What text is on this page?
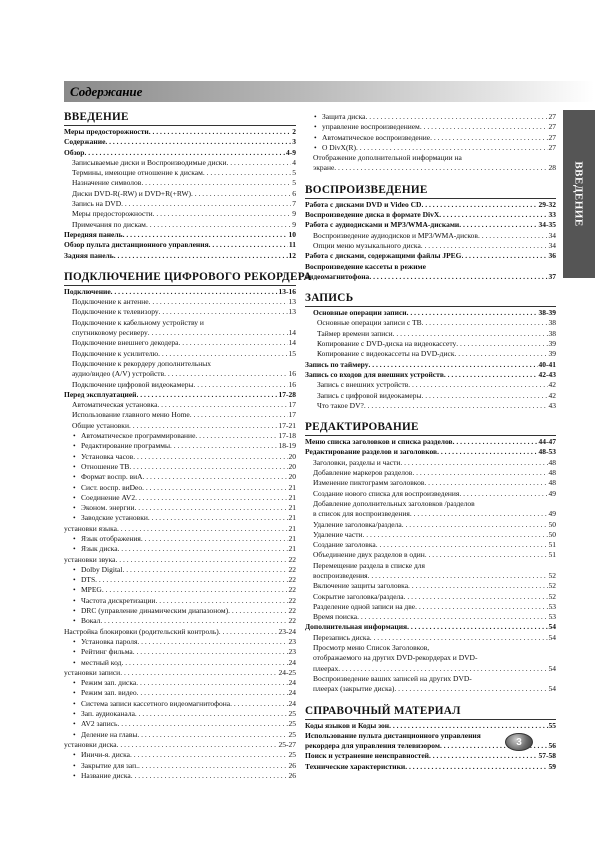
Содержание
ВВЕДЕНИЕ
ВВЕДЕНИЕ
Меры предосторожности . . .	2
Содержание . . .	3
Обзор . . .	4-9
Записываемые диски и Воспроизводимые диски . . .	4
Термины, имеющие отношение к дискам . . .	5
Назначение символов . . .	5
Диски DVD-R(-RW) и DVD+R(+RW) . . .	6
Запись на DVD . . .	7
Меры предосторожности . . .	9
Примечания по дискам . . .	9
Передняя панель . . .	10
Обзор пульта дистанционного управления . . .	11
Задняя панель . . .	12
ПОДКЛЮЧЕНИЕ ЦИФРОВОГО РЕКОРДЕРА
Подключение . . .	13-16
Подключение к антенне . . .	13
Подключение к телевизору . . .	13
Подключение к кабельному устройству и
спутниковому ресиверу . . .	14
Подключение внешнего декодера . . .	14
Подключение к усилителю . . .	15
Подключение к рекордеру дополнительных
аудио/видео (A/V) устройств . . .	16
Подключение цифровой видеокамеры . . .	16
Перед эксплуатацией . . .	17-28
Автоматическая установка . . .	17
Использование главного меню Home . . .	17
Общие установки . . .	17-21
• Автоматическое программирование . . .	17-18
• Редактирование программы . . .	18-19
• Установка часов . . .	20
• Отношение ТВ . . .	20
• Формат воспр. виА . . .	20
• Сист. воспр. виDeo . . .	21
• Соединение AV2 . . .	21
• Эконом. энергии . . .	21
• Заводские установки . . .	21
установки языка . . .	21
• Язык отображения . . .	21
• Язык диска . . .	21
установки звука . . .	22
• Dolby Digital . . .	22
• DTS . . .	22
• MPEG . . .	22
• Частота дискретизации . . .	22
• DRC (управление динамическим диапазоном) . . .	22
• Вокал . . .	22
Настройка блокировки (родительский контроль) . . .	23-24
• Установка пароля . . .	23
• Рейтинг фильма . . .	23
• местный код . . .	24
установки записи . . .	24-25
• Режим зап. диска . . .	24
• Режим зап. видео . . .	24
• Система записи кассетного видеомагнитофона . . .	24
• Зап. аудиоканала . . .	25
• AV2 запись . . .	25
• Деление на главы . . .	25
установки диска . . .	25-27
• Иничи-я. диска . . .	25
• Закрытие для зап. . . .	26
• Название диска . . .	26
• Защита диска . . .	27
• управление воспроизведением . . .	27
• Автоматическое воспроизведение . . .	27
• О DivX(R) . . .	27
Отображение дополнительной информации на
экране . . .	28
ВОСПРОИЗВЕДЕНИЕ
Работа с дисками DVD и Video CD . . .	29-32
Воспроизведение диска в формате DivX . . .	33
Работа с аудиодисками и MP3/WMA-дисками . . .	34-35
Воспроизведение аудиодисков и MP3/WMA-дисков . . .	34
Опции меню музыкального диска . . .	34
Работа с дисками, содержащими файлы JPEG . . .	36
Воспроизведение кассеты в режиме
видеомагнитофона . . .	37
ЗАПИСЬ
Основные операции записи . . .	38-39
Основные операции записи с ТВ . . .	38
Таймер времени записи . . .	38
Копирование с DVD-диска на видеокассету . . .	39
Копирование с видеокассеты на DVD-диск . . .	39
Запись по таймеру . . .	40-41
Запись со входов для внешних устройств . . .	42-43
Запись с внешних устройств . . .	42
Запись с цифровой видеокамеры . . .	42
Что такое DV? . . .	43
РЕДАКТИРОВАНИЕ
Меню списка заголовков и списка разделов . . .	44-47
Редактирование разделов и заголовков . . .	48-53
Заголовки, разделы и части . . .	48
Добавление маркеров разделов . . .	48
Изменение пиктограмм заголовков . . .	48
Создание нового списка для воспроизведения . . .	49
Добавление дополнительных заголовков /разделов
в список для воспроизведения . . .	49
Удаление заголовка/раздела . . .	50
Удаление части . . .	50
Создание заголовка . . .	51
Объединение двух разделов в один . . .	51
Перемещение раздела в списке для
воспроизведения . . .	52
Включение защиты заголовка . . .	52
Сокрытие заголовка/раздела . . .	52
Разделение одной записи на две . . .	53
Время поиска . . .	53
Дополнительная информация . . .	54
Перезапись диска . . .	54
Просмотр меню Список Заголовков,
отображаемого на других DVD-рекордерах и DVD-
плеерах . . .	54
Воспроизведение ваших записей на других DVD-
плеерах (закрытие диска) . . .	54
СПРАВОЧНЫЙ МАТЕРИАЛ
Коды языков и Коды зон . . .	55
Использование пульта дистанционного управления
рекордера для управления телевизором . . .	56
Поиск и устранение неисправностей . . .	57-58
Технические характеристики . . .	59
3
